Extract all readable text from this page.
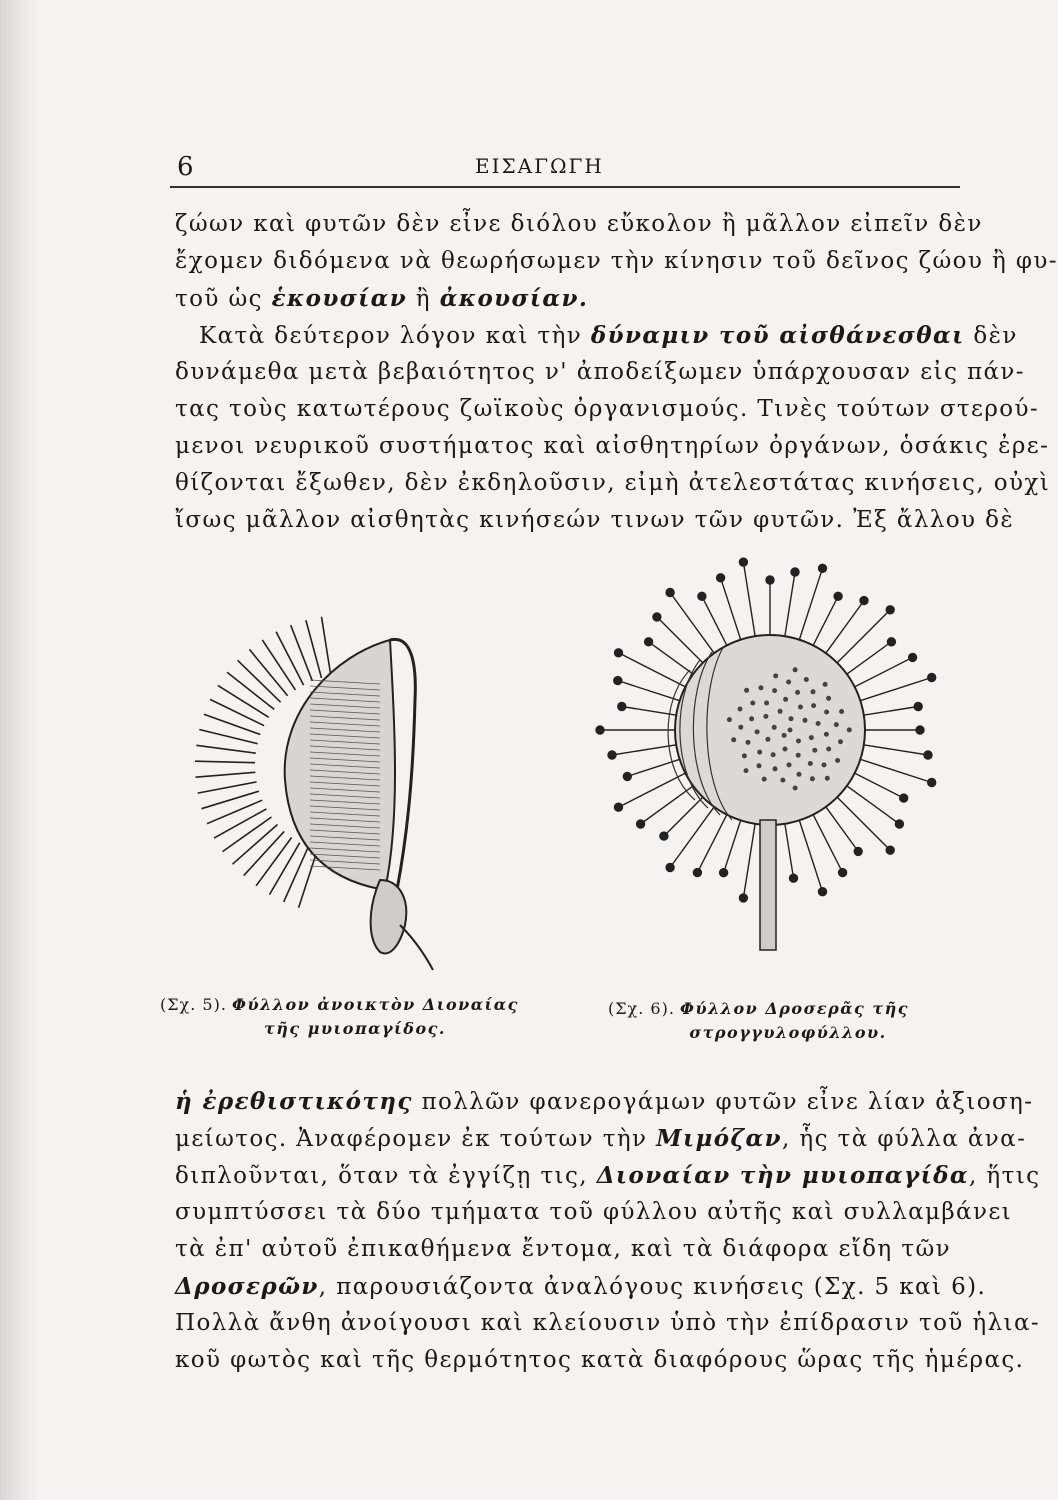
6	ΕΙΣΑΓΩΓΗ
ζώων καὶ φυτῶν δὲν εἶνε διόλου εὔκολον ἢ μᾶλλον εἰπεῖν δὲν
ἔχομεν διδόμενα νὰ θεωρήσωμεν τὴν κίνησιν τοῦ δεῖνος ζώου ἢ φυ-
τοῦ ὡς ἑκουσίαν ἢ ἀκουσίαν.
Κατὰ δεύτερον λόγον καὶ τὴν δύναμιν τοῦ αἰσθάνεσθαι δὲν
δυνάμεθα μετὰ βεβαιότητος ν' ἀποδείξωμεν ὑπάρχουσαν εἰς πάν-
τας τοὺς κατωτέρους ζωϊκοὺς ὀργανισμούς. Τινὲς τούτων στερού-
μενοι νευρικοῦ συστήματος καὶ αἰσθητηρίων ὀργάνων, ὁσάκις ἐρε-
θίζονται ἔξωθεν, δὲν ἐκδηλοῦσιν, εἰμὴ ἀτελεστάτας κινήσεις, οὐχὶ
ἴσως μᾶλλον αἰσθητὰς κινήσεών τινων τῶν φυτῶν. Ἐξ ἄλλου δὲ
(Σχ. 5). Φύλλον ἀνοικτὸν Διοναίας
τῆς μυιοπαγίδος.
(Σχ. 6). Φύλλον Δροσερᾶς τῆς
στρογγυλοφύλλου.
ἡ ἐρεθιστικότης πολλῶν φανερογάμων φυτῶν εἶνε λίαν ἀξιοση-
μείωτος. Ἀναφέρομεν ἐκ τούτων τὴν Μιμόζαν, ἧς τὰ φύλλα ἀνα-
διπλοῦνται, ὅταν τὰ ἐγγίζῃ τις, Διοναίαν τὴν μυιοπαγίδα, ἥτις
συμπτύσσει τὰ δύο τμήματα τοῦ φύλλου αὐτῆς καὶ συλλαμβάνει
τὰ ἐπ' αὐτοῦ ἐπικαθήμενα ἔντομα, καὶ τὰ διάφορα εἴδη τῶν
Δροσερῶν, παρουσιάζοντα ἀναλόγους κινήσεις (Σχ. 5 καὶ 6).
Πολλὰ ἄνθη ἀνοίγουσι καὶ κλείουσιν ὑπὸ τὴν ἐπίδρασιν τοῦ ἡλια-
κοῦ φωτὸς καὶ τῆς θερμότητος κατὰ διαφόρους ὥρας τῆς ἡμέρας.
